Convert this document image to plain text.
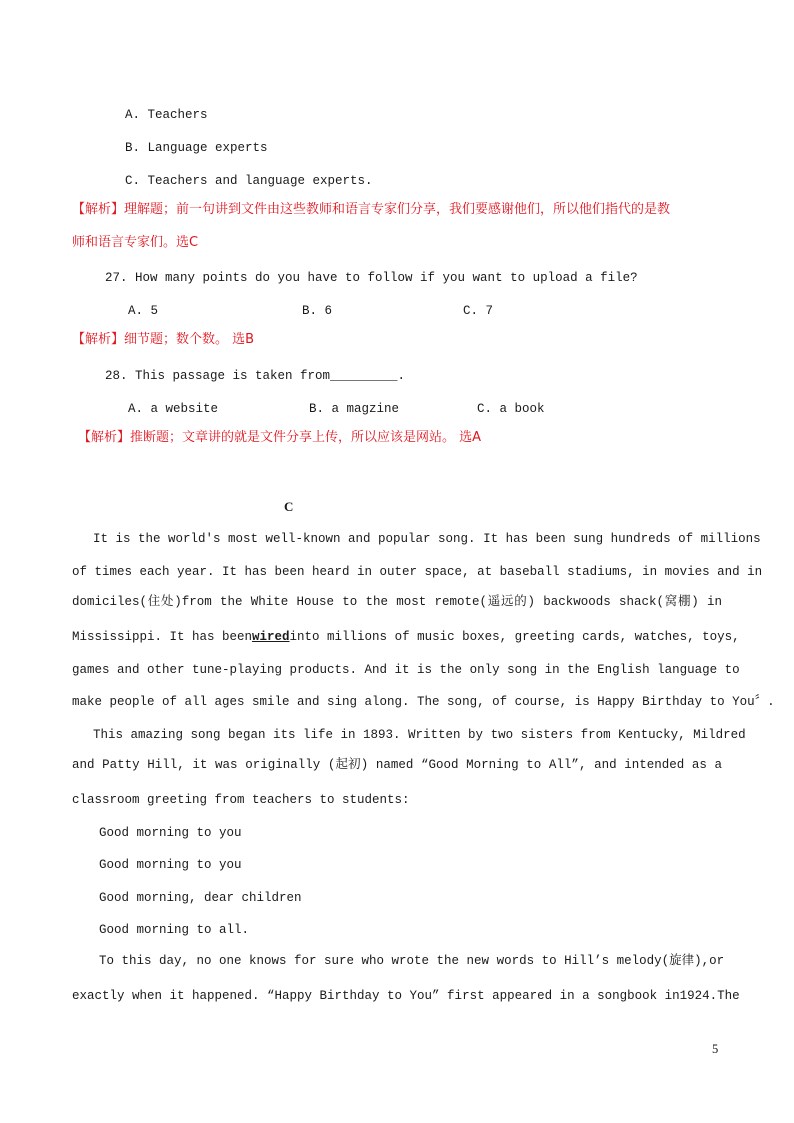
A. Teachers
B. Language experts
C. Teachers and language experts.
【解析】理解题；前一句讲到文件由这些教师和语言专家们分享，我们要感谢他们，所以他们指代的是教
师和语言专家们。选C
27. How many points do you have to follow if you want to upload a file?
A. 5	B. 6	C. 7
【解析】细节题；数个数。 选B
28. This passage is taken from_________.
A. a website	B. a magzine	C. a book
【解析】推断题；文章讲的就是文件分享上传，所以应该是网站。 选A
C
It is the world's most well-known and popular song. It has been sung hundreds of millions
of times each year. It has been heard in outer space, at baseball stadiums, in movies and in
domiciles(住处)from the White House to the most remote(遥远的) backwoods shack(窝棚) in
Mississippi. It has been wired into millions of music boxes, greeting cards, watches, toys,
games and other tune-playing products. And it is the only song in the English language to
make people of all ages smile and sing along. The song, of course, is Happy Birthday to You〞.
This amazing song began its life in 1893. Written by two sisters from Kentucky, Mildred
and Patty Hill, it was originally (起初) named “Good Morning to All”, and intended as a
classroom greeting from teachers to students:
Good morning to you
Good morning to you
Good morning, dear children
Good morning to all.
To this day, no one knows for sure who wrote the new words to Hill’s melody(旋律),or
exactly when it happened. “Happy Birthday to You” first appeared in a songbook in1924.The
5
